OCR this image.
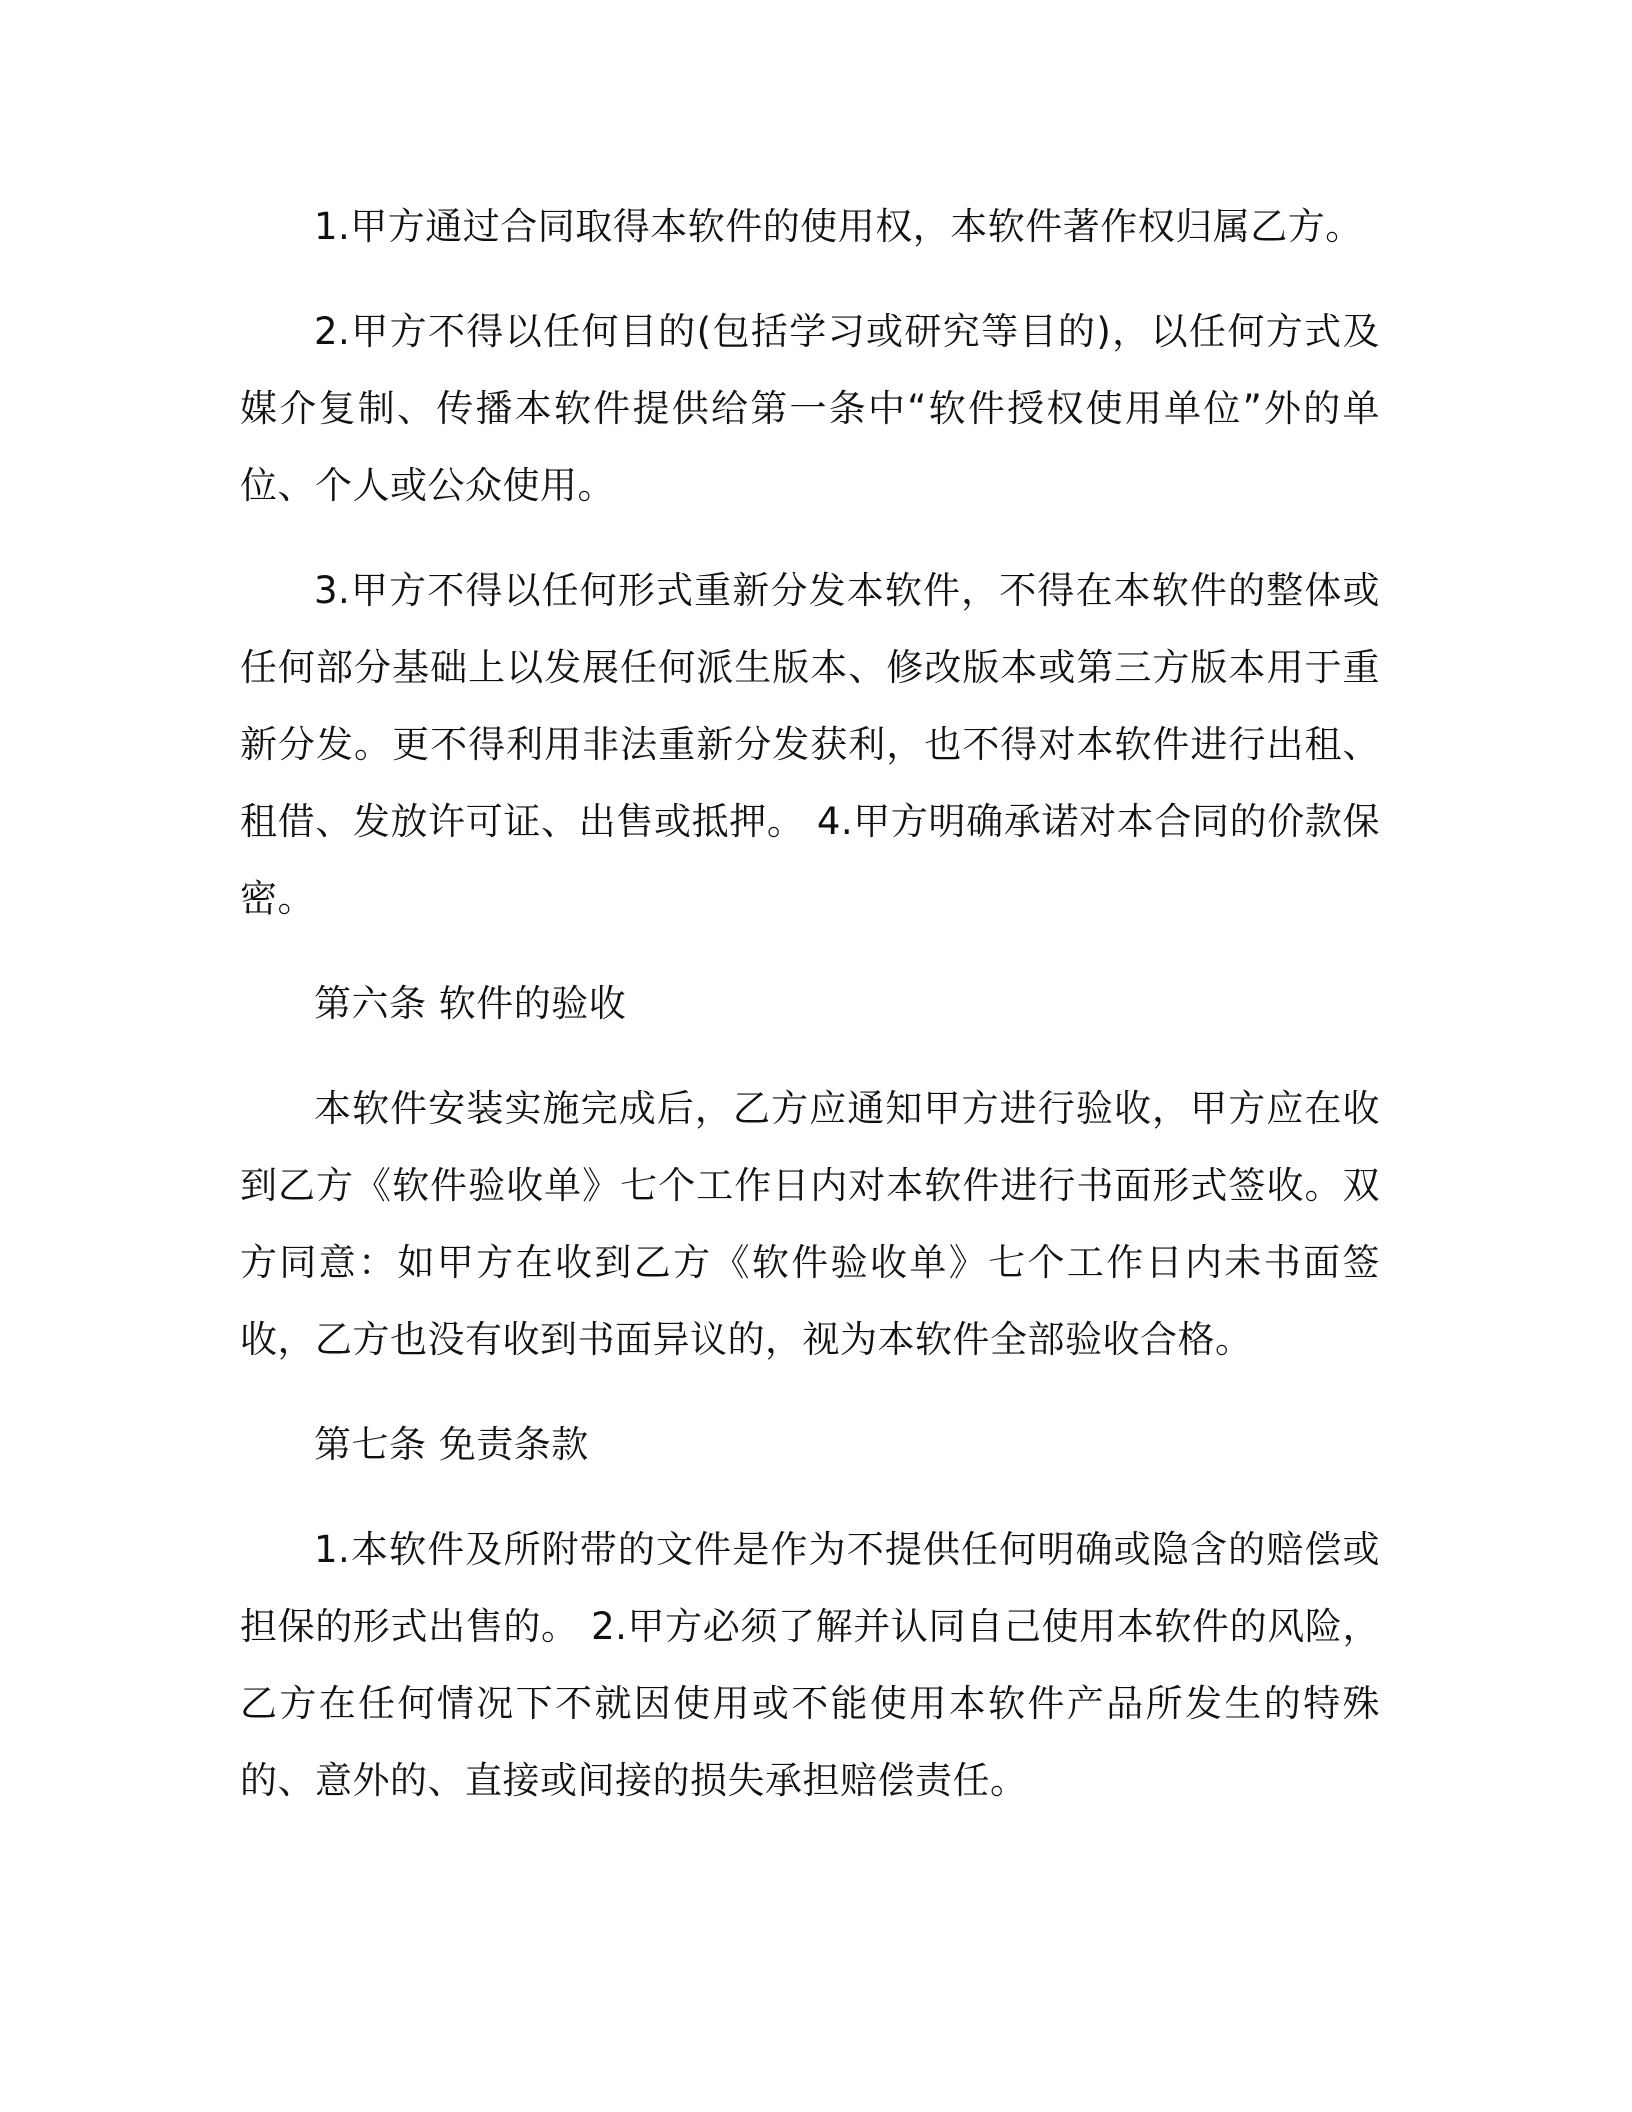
1.甲方通过合同取得本软件的使用权，本软件著作权归属乙方。

2.甲方不得以任何目的(包括学习或研究等目的)，以任何方式及媒介复制、传播本软件提供给第一条中“软件授权使用单位”外的单位、个人或公众使用。

3.甲方不得以任何形式重新分发本软件，不得在本软件的整体或任何部分基础上以发展任何派生版本、修改版本或第三方版本用于重新分发。更不得利用非法重新分发获利，也不得对本软件进行出租、租借、发放许可证、出售或抵押。 4.甲方明确承诺对本合同的价款保密。

第六条 软件的验收

本软件安装实施完成后，乙方应通知甲方进行验收，甲方应在收到乙方《软件验收单》七个工作日内对本软件进行书面形式签收。双方同意：如甲方在收到乙方《软件验收单》七个工作日内未书面签收，乙方也没有收到书面异议的，视为本软件全部验收合格。

第七条 免责条款

1.本软件及所附带的文件是作为不提供任何明确或隐含的赔偿或担保的形式出售的。 2.甲方必须了解并认同自己使用本软件的风险，乙方在任何情况下不就因使用或不能使用本软件产品所发生的特殊的、意外的、直接或间接的损失承担赔偿责任。
